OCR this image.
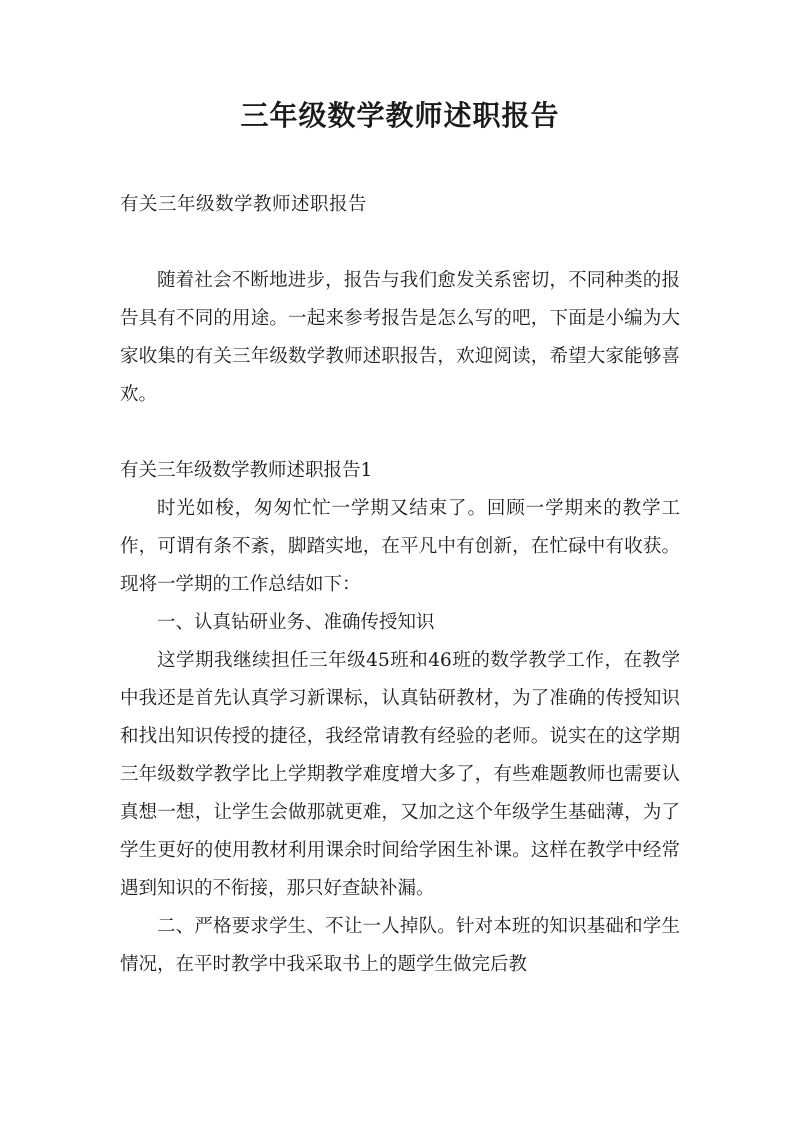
三年级数学教师述职报告

有关三年级数学教师述职报告

随着社会不断地进步，报告与我们愈发关系密切，不同种类的报告具有不同的用途。一起来参考报告是怎么写的吧，下面是小编为大家收集的有关三年级数学教师述职报告，欢迎阅读，希望大家能够喜欢。

有关三年级数学教师述职报告1

时光如梭，匆匆忙忙一学期又结束了。回顾一学期来的教学工作，可谓有条不紊，脚踏实地，在平凡中有创新，在忙碌中有收获。现将一学期的工作总结如下：

一、认真钻研业务、准确传授知识

这学期我继续担任三年级45班和46班的数学教学工作，在教学中我还是首先认真学习新课标，认真钻研教材，为了准确的传授知识和找出知识传授的捷径，我经常请教有经验的老师。说实在的这学期三年级数学教学比上学期教学难度增大多了，有些难题教师也需要认真想一想，让学生会做那就更难，又加之这个年级学生基础薄，为了学生更好的使用教材利用课余时间给学困生补课。这样在教学中经常遇到知识的不衔接，那只好查缺补漏。

二、严格要求学生、不让一人掉队。针对本班的知识基础和学生情况，在平时教学中我采取书上的题学生做完后教
